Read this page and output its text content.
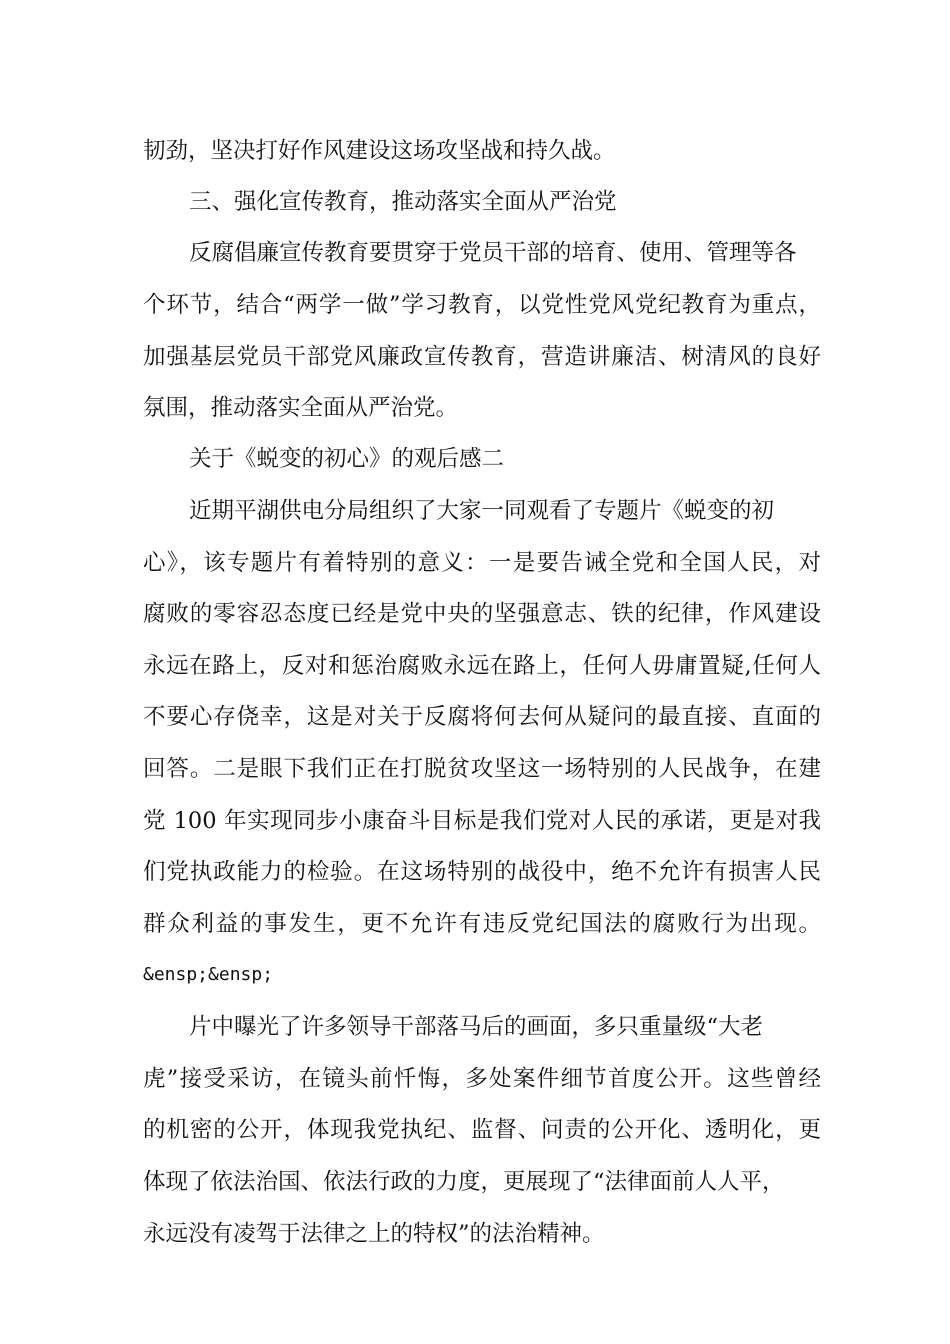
韧劲，坚决打好作风建设这场攻坚战和持久战。
三、强化宣传教育，推动落实全面从严治党
反腐倡廉宣传教育要贯穿于党员干部的培育、使用、管理等各
个环节，结合“两学一做”学习教育，以党性党风党纪教育为重点，
加强基层党员干部党风廉政宣传教育，营造讲廉洁、树清风的良好
氛围，推动落实全面从严治党。
关于《蜕变的初心》的观后感二
近期平湖供电分局组织了大家一同观看了专题片《蜕变的初
心》，该专题片有着特别的意义：一是要告诫全党和全国人民，对
腐败的零容忍态度已经是党中央的坚强意志、铁的纪律，作风建设
永远在路上，反对和惩治腐败永远在路上，任何人毋庸置疑,任何人
不要心存侥幸，这是对关于反腐将何去何从疑问的最直接、直面的
回答。二是眼下我们正在打脱贫攻坚这一场特别的人民战争，在建
党 100 年实现同步小康奋斗目标是我们党对人民的承诺，更是对我
们党执政能力的检验。在这场特别的战役中，绝不允许有损害人民
群众利益的事发生，更不允许有违反党纪国法的腐败行为出现。
&ensp;&ensp;
片中曝光了许多领导干部落马后的画面，多只重量级“大老
虎”接受采访，在镜头前忏悔，多处案件细节首度公开。这些曾经
的机密的公开，体现我党执纪、监督、问责的公开化、透明化，更
体现了依法治国、依法行政的力度，更展现了“法律面前人人平，
永远没有凌驾于法律之上的特权”的法治精神。
